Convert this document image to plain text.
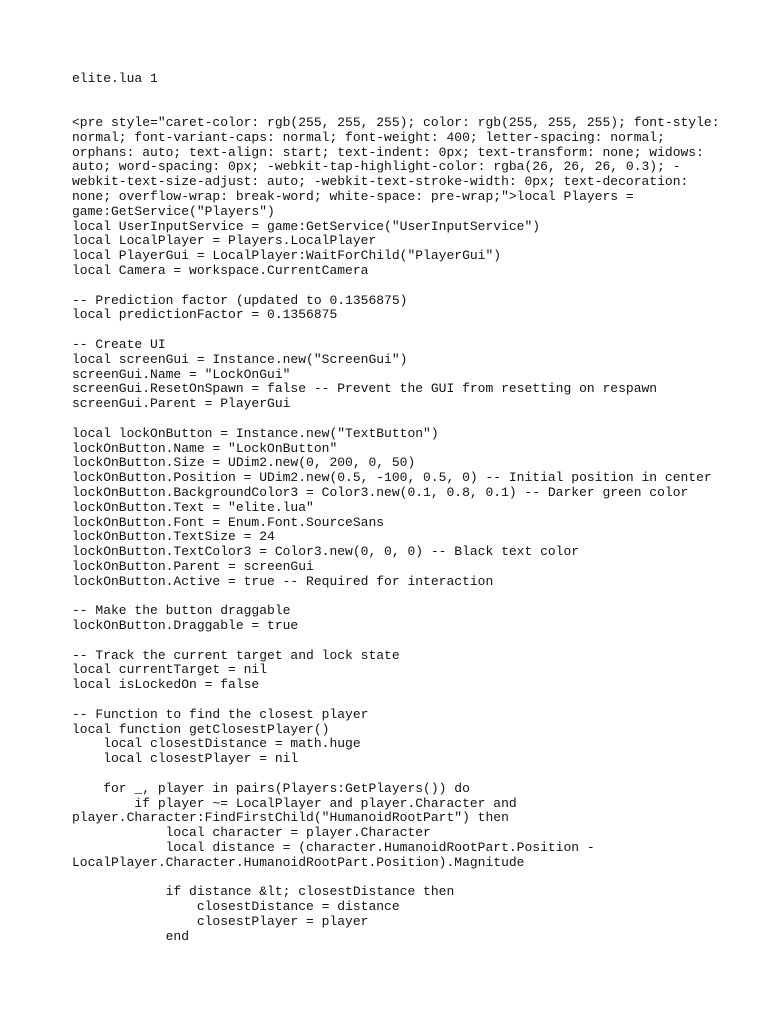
elite.lua 1
<pre style="caret-color: rgb(255, 255, 255); color: rgb(255, 255, 255); font-style:
normal; font-variant-caps: normal; font-weight: 400; letter-spacing: normal;
orphans: auto; text-align: start; text-indent: 0px; text-transform: none; widows:
auto; word-spacing: 0px; -webkit-tap-highlight-color: rgba(26, 26, 26, 0.3); -
webkit-text-size-adjust: auto; -webkit-text-stroke-width: 0px; text-decoration:
none; overflow-wrap: break-word; white-space: pre-wrap;">local Players =
game:GetService("Players")
local UserInputService = game:GetService("UserInputService")
local LocalPlayer = Players.LocalPlayer
local PlayerGui = LocalPlayer:WaitForChild("PlayerGui")
local Camera = workspace.CurrentCamera
-- Prediction factor (updated to 0.1356875)
local predictionFactor = 0.1356875
-- Create UI
local screenGui = Instance.new("ScreenGui")
screenGui.Name = "LockOnGui"
screenGui.ResetOnSpawn = false -- Prevent the GUI from resetting on respawn
screenGui.Parent = PlayerGui
local lockOnButton = Instance.new("TextButton")
lockOnButton.Name = "LockOnButton"
lockOnButton.Size = UDim2.new(0, 200, 0, 50)
lockOnButton.Position = UDim2.new(0.5, -100, 0.5, 0) -- Initial position in center
lockOnButton.BackgroundColor3 = Color3.new(0.1, 0.8, 0.1) -- Darker green color
lockOnButton.Text = "elite.lua"
lockOnButton.Font = Enum.Font.SourceSans
lockOnButton.TextSize = 24
lockOnButton.TextColor3 = Color3.new(0, 0, 0) -- Black text color
lockOnButton.Parent = screenGui
lockOnButton.Active = true -- Required for interaction
-- Make the button draggable
lockOnButton.Draggable = true
-- Track the current target and lock state
local currentTarget = nil
local isLockedOn = false
-- Function to find the closest player
local function getClosestPlayer()
local closestDistance = math.huge
local closestPlayer = nil
for _, player in pairs(Players:GetPlayers()) do
if player ~= LocalPlayer and player.Character and
player.Character:FindFirstChild("HumanoidRootPart") then
local character = player.Character
local distance = (character.HumanoidRootPart.Position -
LocalPlayer.Character.HumanoidRootPart.Position).Magnitude
if distance &lt; closestDistance then
closestDistance = distance
closestPlayer = player
end
